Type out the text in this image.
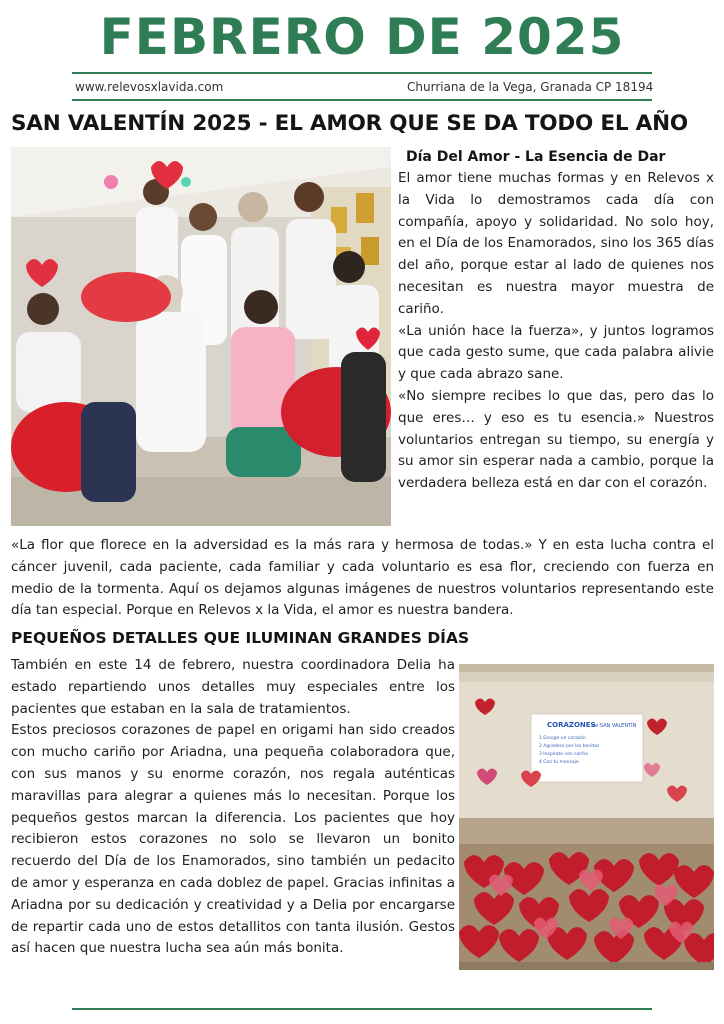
FEBRERO DE 2025
www.relevosxlavida.com	Churriana de la Vega, Granada CP 18194
SAN VALENTÍN 2025 - EL AMOR QUE SE DA TODO EL AÑO
Día Del Amor - La Esencia de Dar

El amor tiene muchas formas y en Relevos x la Vida lo demostramos cada día con compañía, apoyo y solidaridad. No solo hoy, en el Día de los Enamorados, sino los 365 días del año, porque estar al lado de quienes nos necesitan es nuestra mayor muestra de cariño.

«La unión hace la fuerza», y juntos logramos que cada gesto sume, que cada palabra alivie y que cada abrazo sane.

«No siempre recibes lo que das, pero das lo que eres… y eso es tu esencia.» Nuestros voluntarios entregan su tiempo, su energía y su amor sin esperar nada a cambio, porque la verdadera belleza está en dar con el corazón.

«La flor que florece en la adversidad es la más rara y hermosa de todas.» Y en esta lucha contra el cáncer juvenil, cada paciente, cada familiar y cada voluntario es esa flor, creciendo con fuerza en medio de la tormenta. Aquí os dejamos algunas imágenes de nuestros voluntarios representando este día tan especial. Porque en Relevos x la Vida, el amor es nuestra bandera.

PEQUEÑOS DETALLES QUE ILUMINAN GRANDES DÍAS

También en este 14 de febrero, nuestra coordinadora Delia ha estado repartiendo unos detalles muy especiales entre los pacientes que estaban en la sala de tratamientos.

Estos preciosos corazones de papel en origami han sido creados con mucho cariño por Ariadna, una pequeña colaboradora que, con sus manos y su enorme corazón, nos regala auténticas maravillas para alegrar a quienes más lo necesitan. Porque los pequeños gestos marcan la diferencia. Los pacientes que hoy recibieron estos corazones no solo se llevaron un bonito recuerdo del Día de los Enamorados, sino también un pedacito de amor y esperanza en cada doblez de papel. Gracias infinitas a Ariadna por su dedicación y creatividad y a Delia por encargarse de repartir cada uno de estos detallitos con tanta ilusión. Gestos así hacen que nuestra lucha sea aún más bonita.

CORAZONES
de SAN VALENTÍN
1 Escoge un corazón
2 Agradece por los bonitos
3 Inspírate con cariño
4 Con tu mensaje
